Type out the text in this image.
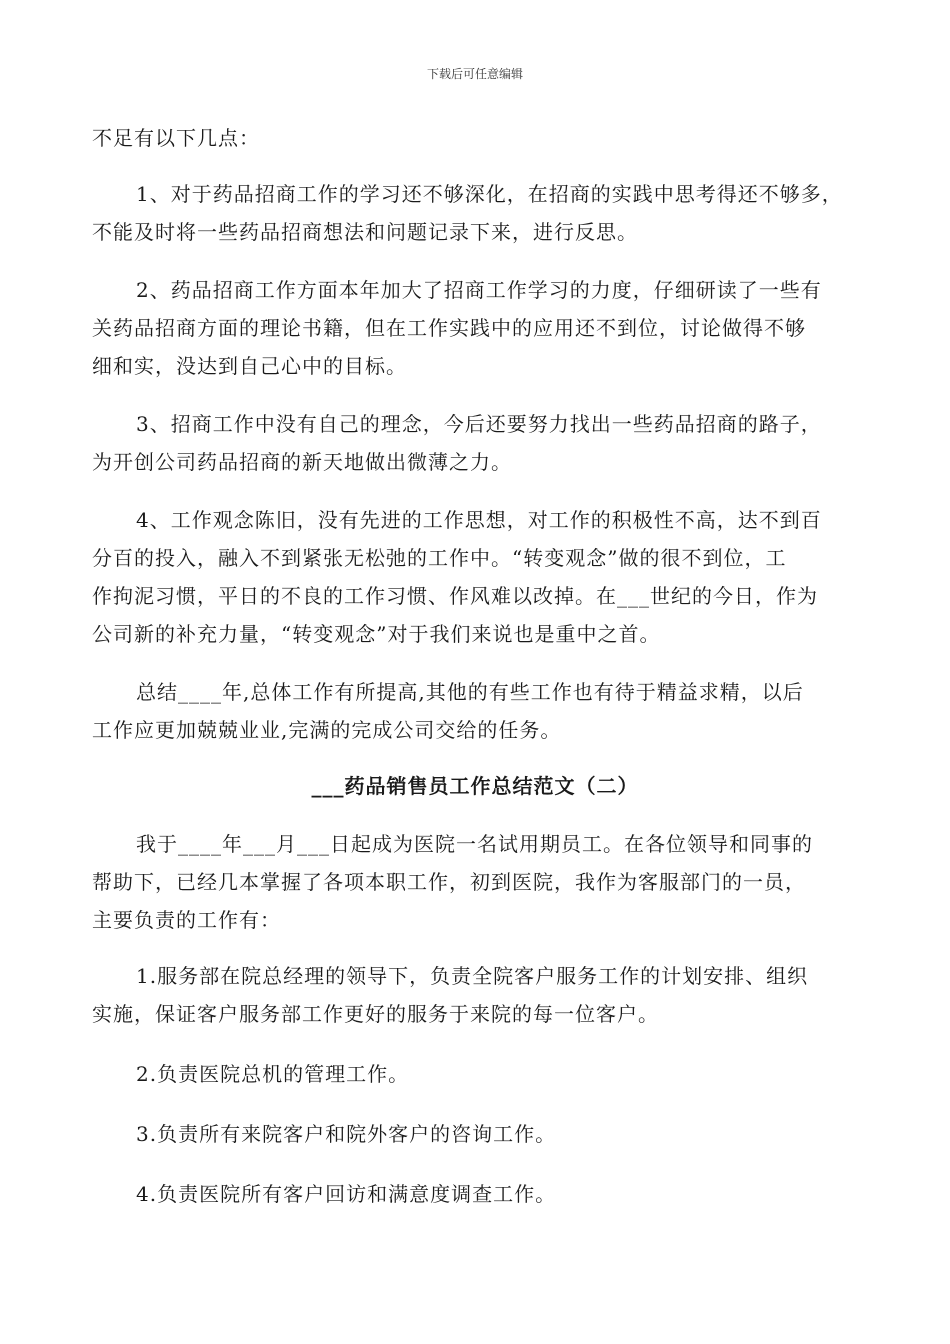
下载后可任意编辑
不足有以下几点：
1、对于药品招商工作的学习还不够深化，在招商的实践中思考得还不够多，
不能及时将一些药品招商想法和问题记录下来，进行反思。
2、药品招商工作方面本年加大了招商工作学习的力度，仔细研读了一些有
关药品招商方面的理论书籍，但在工作实践中的应用还不到位，讨论做得不够
细和实，没达到自己心中的目标。
3、招商工作中没有自己的理念，今后还要努力找出一些药品招商的路子，
为开创公司药品招商的新天地做出微薄之力。
4、工作观念陈旧，没有先进的工作思想，对工作的积极性不高，达不到百
分百的投入，融入不到紧张无松弛的工作中。“转变观念”做的很不到位，工
作拘泥习惯，平日的不良的工作习惯、作风难以改掉。在___世纪的今日，作为
公司新的补充力量，“转变观念”对于我们来说也是重中之首。
总结____年,总体工作有所提高,其他的有些工作也有待于精益求精，以后
工作应更加兢兢业业,完满的完成公司交给的任务。
___药品销售员工作总结范文（二）
我于____年___月___日起成为医院一名试用期员工。在各位领导和同事的
帮助下，已经几本掌握了各项本职工作，初到医院，我作为客服部门的一员，
主要负责的工作有：
1.服务部在院总经理的领导下，负责全院客户服务工作的计划安排、组织
实施，保证客户服务部工作更好的服务于来院的每一位客户。
2.负责医院总机的管理工作。
3.负责所有来院客户和院外客户的咨询工作。
4.负责医院所有客户回访和满意度调查工作。
